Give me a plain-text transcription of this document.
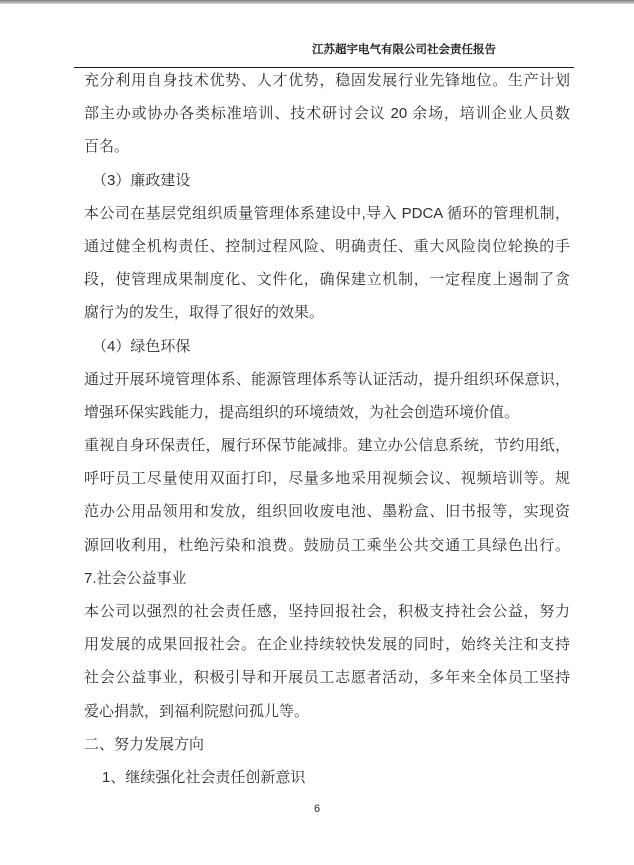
江苏超宇电气有限公司社会责任报告
充分利用自身技术优势、人才优势，稳固发展行业先锋地位。生产计划
部主办或协办各类标准培训、技术研讨会议 20 余场，培训企业人员数
百名。
（3）廉政建设
本公司在基层党组织质量管理体系建设中,导入 PDCA 循环的管理机制，
通过健全机构责任、控制过程风险、明确责任、重大风险岗位轮换的手
段，使管理成果制度化、文件化，确保建立机制，一定程度上遏制了贪
腐行为的发生，取得了很好的效果。
（4）绿色环保
通过开展环境管理体系、能源管理体系等认证活动，提升组织环保意识，
增强环保实践能力，提高组织的环境绩效，为社会创造环境价值。
重视自身环保责任，履行环保节能减排。建立办公信息系统，节约用纸，
呼吁员工尽量使用双面打印，尽量多地采用视频会议、视频培训等。规
范办公用品领用和发放，组织回收废电池、墨粉盒、旧书报等，实现资
源回收利用，杜绝污染和浪费。鼓励员工乘坐公共交通工具绿色出行。
7.社会公益事业
本公司以强烈的社会责任感，坚持回报社会，积极支持社会公益，努力
用发展的成果回报社会。在企业持续较快发展的同时，始终关注和支持
社会公益事业，积极引导和开展员工志愿者活动，多年来全体员工坚持
爱心捐款，到福利院慰问孤儿等。
二、努力发展方向
1、继续强化社会责任创新意识
6
